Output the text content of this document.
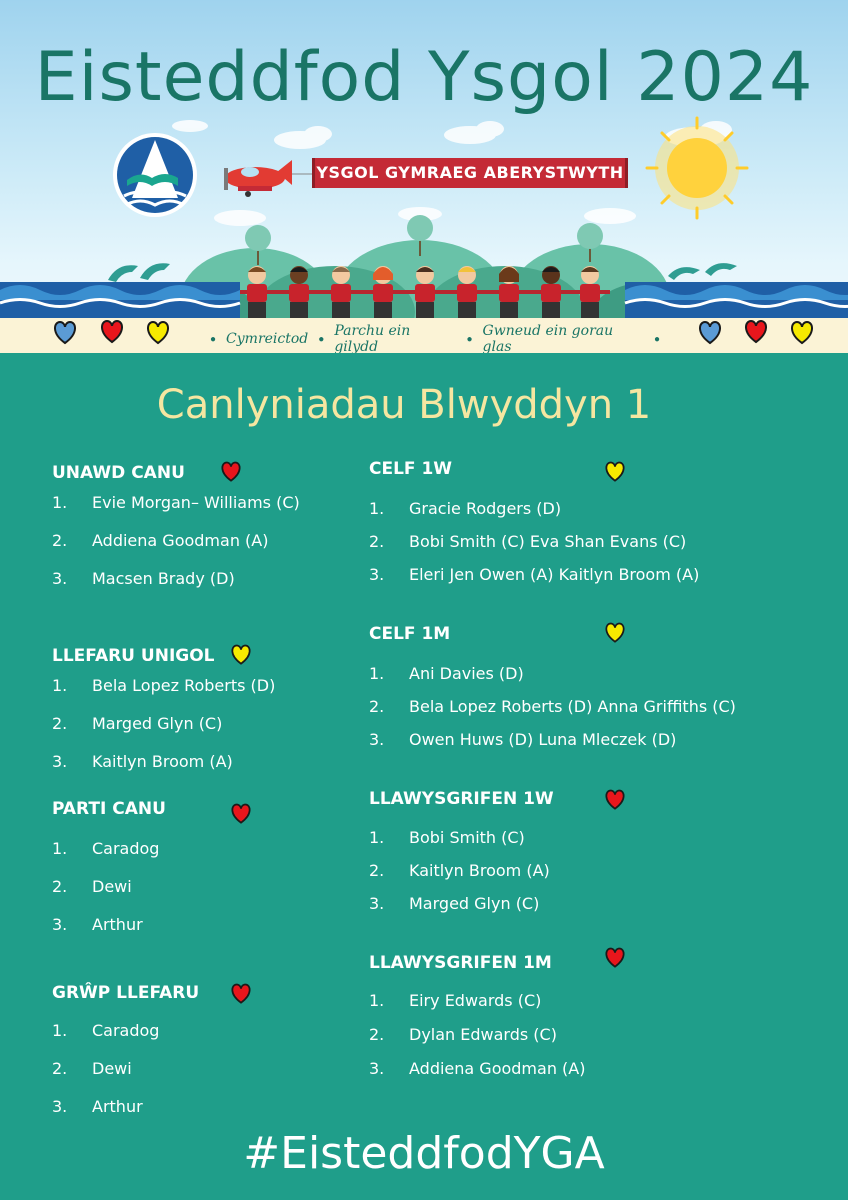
Eisteddfod Ysgol 2024
YSGOL GYMRAEG ABERYSTWYTH
● Cymreictod ● Parchu ein gilydd	● Gwneud ein gorau glas	●
Canlyniadau Blwyddyn 1
UNAWD CANU
1. Evie Morgan– Williams (C)
2. Addiena Goodman (A)
3. Macsen Brady (D)
LLEFARU UNIGOL
1. Bela Lopez Roberts (D)
2. Marged Glyn (C)
3. Kaitlyn Broom (A)
PARTI CANU
1. Caradog
2. Dewi
3. Arthur
GRŴP LLEFARU
1. Caradog
2. Dewi
3. Arthur
CELF 1W
1. Gracie Rodgers (D)
2. Bobi Smith (C) Eva Shan Evans (C)
3. Eleri Jen Owen (A) Kaitlyn Broom (A)
CELF 1M
1. Ani Davies (D)
2. Bela Lopez Roberts (D) Anna Griffiths (C)
3. Owen Huws (D) Luna Mleczek (D)
LLAWYSGRIFEN 1W
1. Bobi Smith (C)
2. Kaitlyn Broom (A)
3. Marged Glyn (C)
LLAWYSGRIFEN 1M
1. Eiry Edwards (C)
2. Dylan Edwards (C)
3. Addiena Goodman (A)
#EisteddfodYGA
